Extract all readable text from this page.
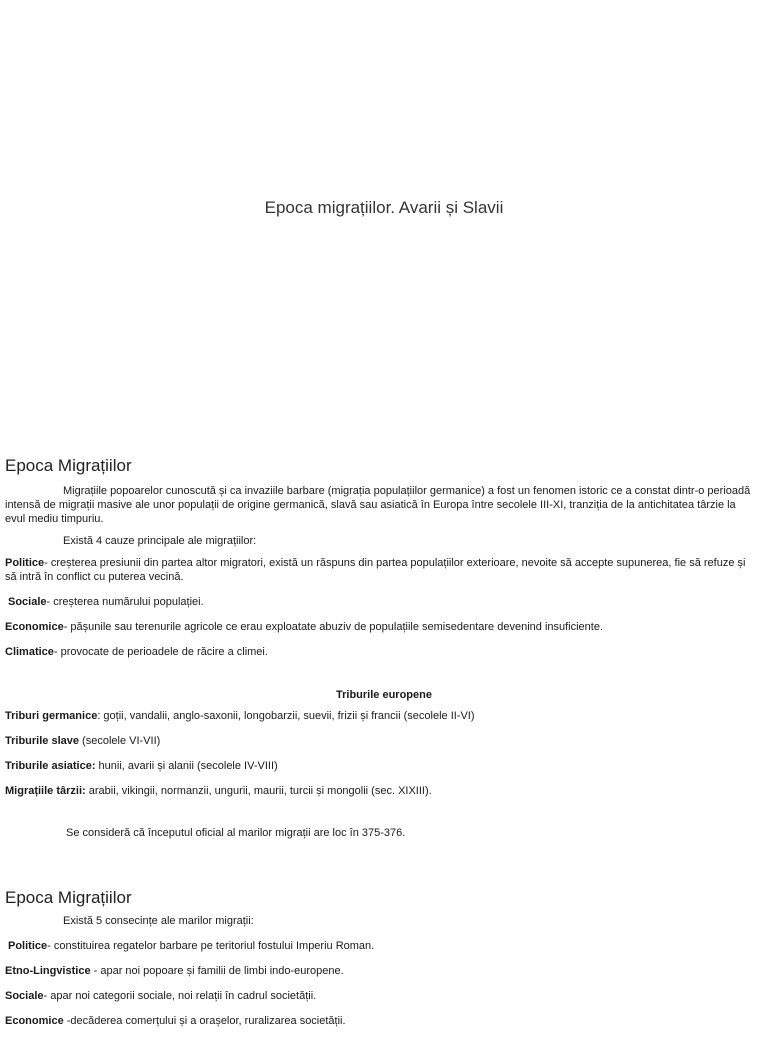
Epoca migrațiilor. Avarii și Slavii
Epoca Migrațiilor

Migrațiile popoarelor cunoscută și ca invaziile barbare (migrația populațiilor germanice) a fost un fenomen istoric ce a constat dintr-o perioadă intensă de migrații masive ale unor populații de origine germanică, slavă sau asiatică în Europa între secolele III-XI, tranziția de la antichitatea târzie la evul mediu timpuriu.

Există 4 cauze principale ale migrațiilor:

Politice- creșterea presiunii din partea altor migratori, există un răspuns din partea populațiilor exterioare, nevoite să accepte supunerea, fie să refuze și să intră în conflict cu puterea vecină.

Sociale- creșterea numărului populației.

Economice- pășunile sau terenurile agricole ce erau exploatate abuziv de populațiile semisedentare devenind insuficiente.

Climatice- provocate de perioadele de răcire a climei.

Triburile europene

Triburi germanice: goții, vandalii, anglo-saxonii, longobarzii, suevii, frizii și francii (secolele II-VI)

Triburile slave (secolele VI-VII)

Triburile asiatice: hunii, avarii și alanii (secolele IV-VIII)

Migrațiile târzii: arabii, vikingii, normanzii, ungurii, maurii, turcii și mongolii (sec. XIXIII).

Se consideră că începutul oficial al marilor migrații are loc în 375-376.

Epoca Migrațiilor

Există 5 consecințe ale marilor migrații:

Politice- constituirea regatelor barbare pe teritoriul fostului Imperiu Roman.

Etno-Lingvistice - apar noi popoare și familii de limbi indo-europene.

Sociale- apar noi categorii sociale, noi relații în cadrul societății.

Economice -decăderea comerțului și a orașelor, ruralizarea societății.
